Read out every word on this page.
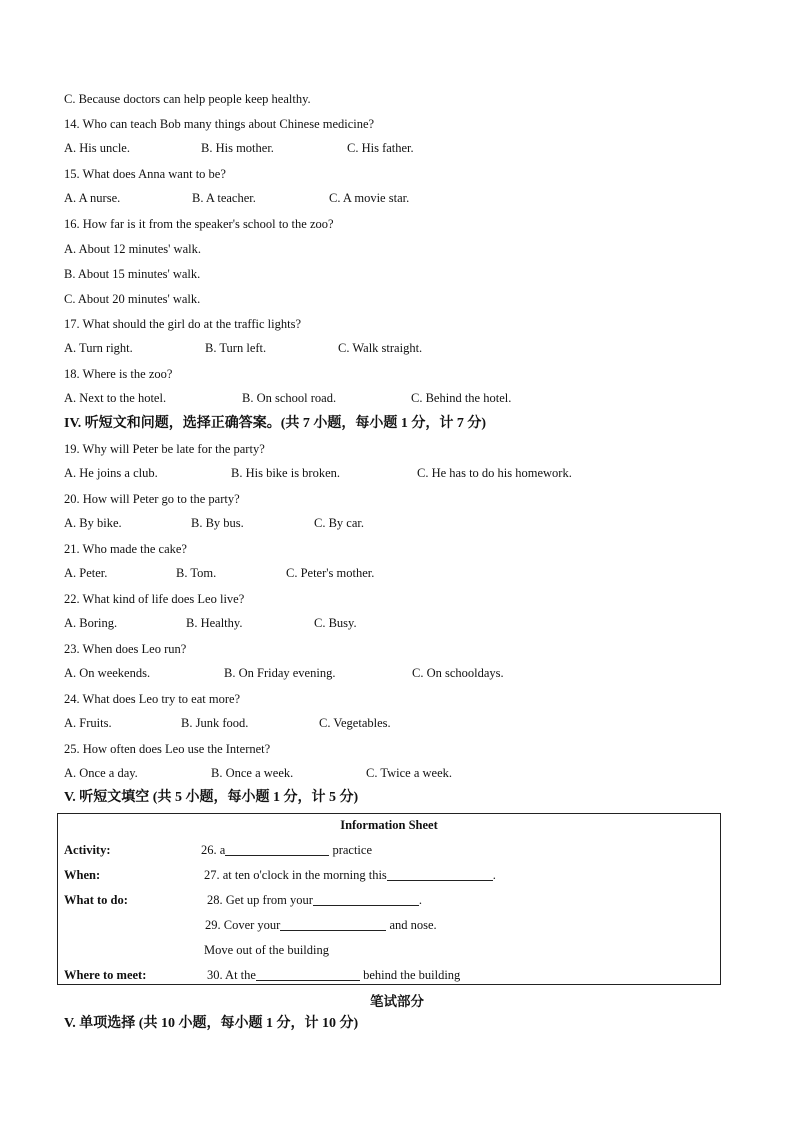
C. Because doctors can help people keep healthy.
14. Who can teach Bob many things about Chinese medicine?
A. His uncle.	B. His mother.	C. His father.
15. What does Anna want to be?
A. A nurse.	B. A teacher.	C. A movie star.
16. How far is it from the speaker's school to the zoo?
A. About 12 minutes' walk.
B. About 15 minutes' walk.
C. About 20 minutes' walk.
17. What should the girl do at the traffic lights?
A. Turn right.	B. Turn left.	C. Walk straight.
18. Where is the zoo?
A. Next to the hotel.	B. On school road.	C. Behind the hotel.
IV. 听短文和问题，选择正确答案。(共 7 小题，每小题 1 分，计 7 分)
19. Why will Peter be late for the party?
A. He joins a club.	B. His bike is broken.	C. He has to do his homework.
20. How will Peter go to the party?
A. By bike.	B. By bus.	C. By car.
21. Who made the cake?
A. Peter.	B. Tom.	C. Peter's mother.
22. What kind of life does Leo live?
A. Boring.	B. Healthy.	C. Busy.
23. When does Leo run?
A. On weekends.	B. On Friday evening.	C. On schooldays.
24. What does Leo try to eat more?
A. Fruits.	B. Junk food.	C. Vegetables.
25. How often does Leo use the Internet?
A. Once a day.	B. Once a week.	C. Twice a week.
V. 听短文填空 (共 5 小题，每小题 1 分，计 5 分)
Information Sheet
Activity:	26. a	practice
When:	27. at ten o'clock in the morning this	.
What to do:	28. Get up from your	.
29. Cover your	and nose.
Move out of the building
Where to meet:	30. At the	behind the building
笔试部分
V. 单项选择 (共 10 小题，每小题 1 分，计 10 分)
